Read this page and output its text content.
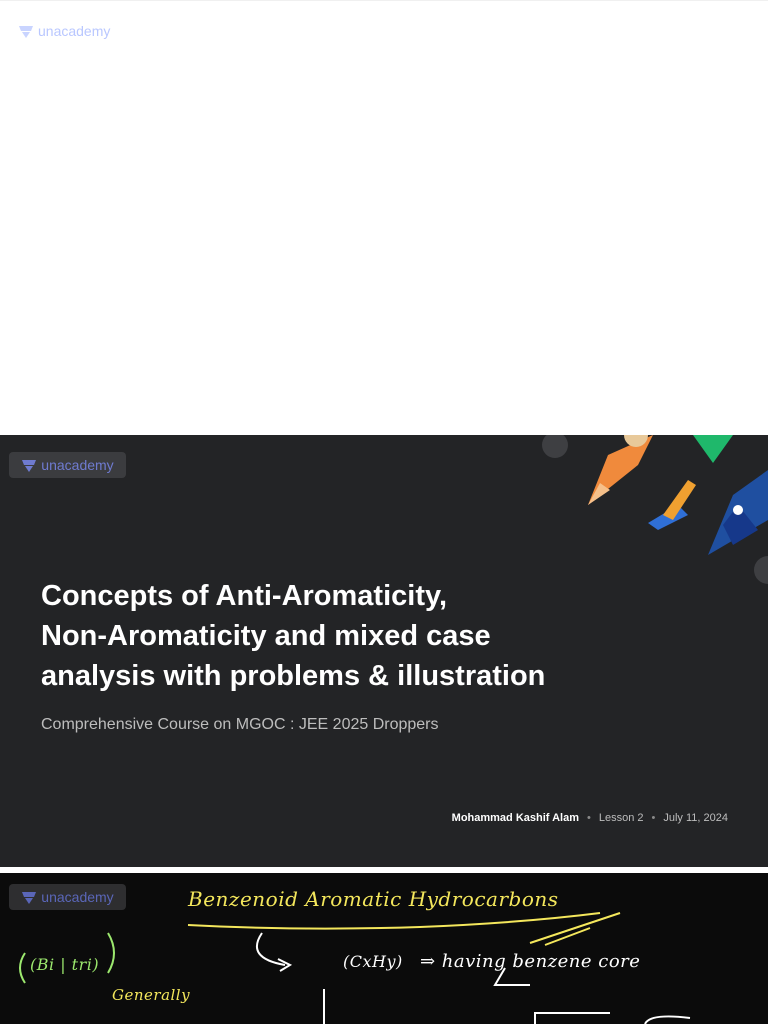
unacademy
unacademy
Concepts of Anti-Aromaticity,
Non-Aromaticity and mixed case
analysis with problems & illustration
Comprehensive Course on MGOC : JEE 2025 Droppers
Mohammad Kashif Alam • Lesson 2 • July 11, 2024
unacademy	Benzenoid Aromatic Hydrocarbons
(CxHy) ⇒ having benzene core
Generally
(Bi | tri)
